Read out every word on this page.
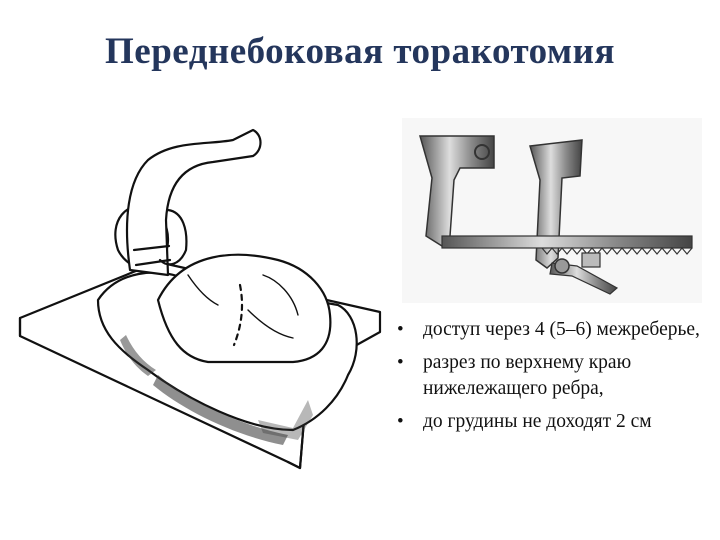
Переднебоковая торакотомия
• доступ через 4 (5–6) межреберье,
• разрез по верхнему краю нижележащего ребра,
• до грудины не доходят 2 см
